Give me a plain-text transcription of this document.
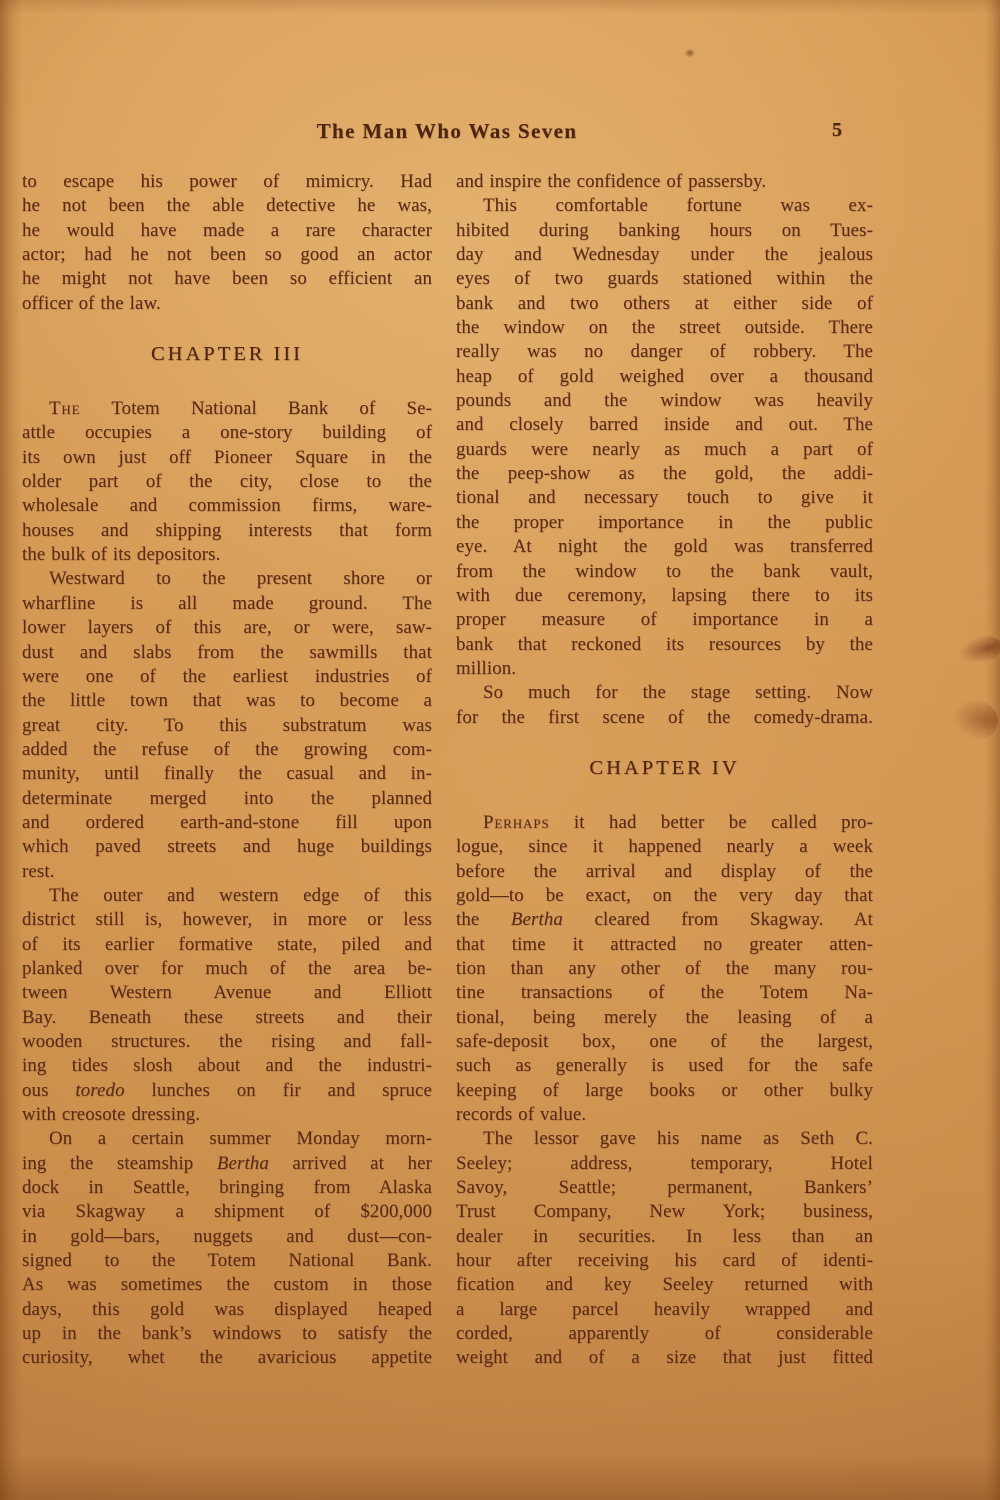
The Man Who Was Seven	5
to escape his power of mimicry. Had
he not been the able detective he was,
he would have made a rare character
actor; had he not been so good an actor
he might not have been so efficient an
officer of the law.
CHAPTER III
The Totem National Bank of Se-
attle occupies a one-story building of
its own just off Pioneer Square in the
older part of the city, close to the
wholesale and commission firms, ware-
houses and shipping interests that form
the bulk of its depositors.
Westward to the present shore or
wharfline is all made ground. The
lower layers of this are, or were, saw-
dust and slabs from the sawmills that
were one of the earliest industries of
the little town that was to become a
great city. To this substratum was
added the refuse of the growing com-
munity, until finally the casual and in-
determinate merged into the planned
and ordered earth-and-stone fill upon
which paved streets and huge buildings
rest.
The outer and western edge of this
district still is, however, in more or less
of its earlier formative state, piled and
planked over for much of the area be-
tween Western Avenue and Elliott
Bay. Beneath these streets and their
wooden structures. the rising and fall-
ing tides slosh about and the industri-
ous toredo lunches on fir and spruce
with creosote dressing.
On a certain summer Monday morn-
ing the steamship Bertha arrived at her
dock in Seattle, bringing from Alaska
via Skagway a shipment of $200,000
in gold—bars, nuggets and dust—con-
signed to the Totem National Bank.
As was sometimes the custom in those
days, this gold was displayed heaped
up in the bank’s windows to satisfy the
curiosity, whet the avaricious appetite
and inspire the confidence of passersby.
This comfortable fortune was ex-
hibited during banking hours on Tues-
day and Wednesday under the jealous
eyes of two guards stationed within the
bank and two others at either side of
the window on the street outside. There
really was no danger of robbery. The
heap of gold weighed over a thousand
pounds and the window was heavily
and closely barred inside and out. The
guards were nearly as much a part of
the peep-show as the gold, the addi-
tional and necessary touch to give it
the proper importance in the public
eye. At night the gold was transferred
from the window to the bank vault,
with due ceremony, lapsing there to its
proper measure of importance in a
bank that reckoned its resources by the
million.
So much for the stage setting. Now
for the first scene of the comedy-drama.
CHAPTER IV
Perhaps it had better be called pro-
logue, since it happened nearly a week
before the arrival and display of the
gold—to be exact, on the very day that
the Bertha cleared from Skagway. At
that time it attracted no greater atten-
tion than any other of the many rou-
tine transactions of the Totem Na-
tional, being merely the leasing of a
safe-deposit box, one of the largest,
such as generally is used for the safe
keeping of large books or other bulky
records of value.
The lessor gave his name as Seth C.
Seeley; address, temporary, Hotel
Savoy, Seattle; permanent, Bankers’
Trust Company, New York; business,
dealer in securities. In less than an
hour after receiving his card of identi-
fication and key Seeley returned with
a large parcel heavily wrapped and
corded, apparently of considerable
weight and of a size that just fitted
